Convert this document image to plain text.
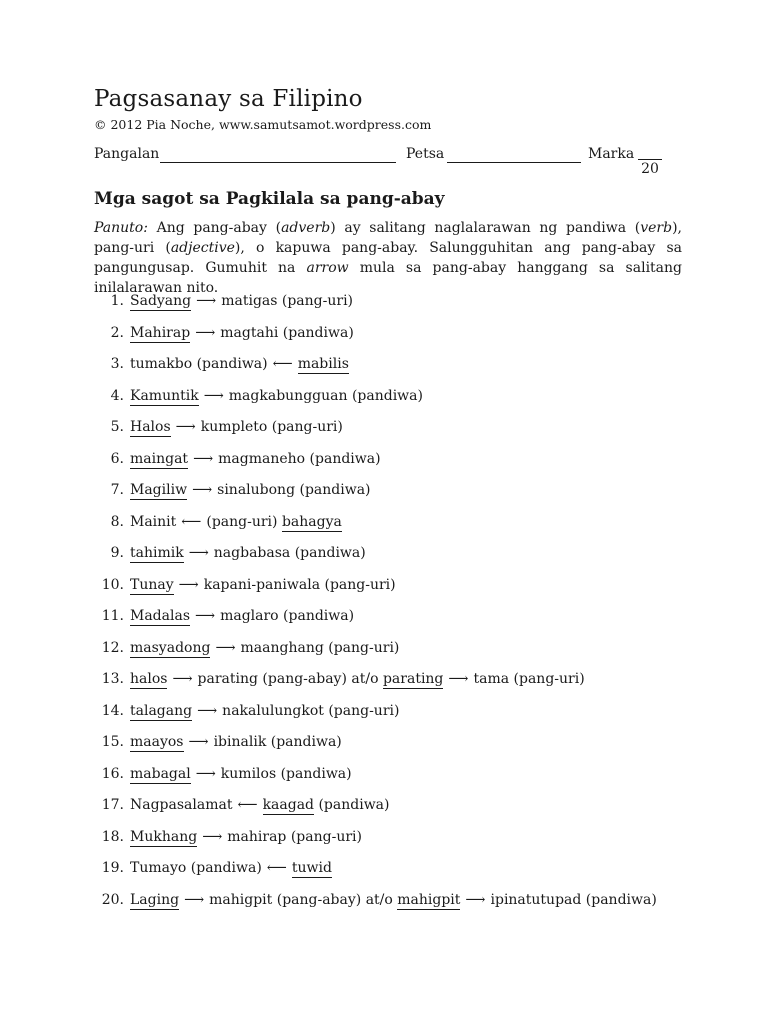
Pagsasanay sa Filipino
© 2012 Pia Noche, www.samutsamot.wordpress.com
Pangalan	Petsa	Marka
20
Mga sagot sa Pagkilala sa pang-abay
Panuto: Ang pang-abay (adverb) ay salitang naglalarawan ng pandiwa (verb), pang-uri (adjective), o kapuwa pang-abay. Salungguhitan ang pang-abay sa pangungusap. Gumuhit na arrow mula sa pang-abay hanggang sa salitang inilalarawan nito.
1. Sadyang ⟶ matigas (pang-uri)
2. Mahirap ⟶ magtahi (pandiwa)
3. tumakbo (pandiwa) ⟵ mabilis
4. Kamuntik ⟶ magkabungguan (pandiwa)
5. Halos ⟶ kumpleto (pang-uri)
6. maingat ⟶ magmaneho (pandiwa)
7. Magiliw ⟶ sinalubong (pandiwa)
8. Mainit ⟵ (pang-uri) bahagya
9. tahimik ⟶ nagbabasa (pandiwa)
10. Tunay ⟶ kapani-paniwala (pang-uri)
11. Madalas ⟶ maglaro (pandiwa)
12. masyadong ⟶ maanghang (pang-uri)
13. halos ⟶ parating (pang-abay) at/o parating ⟶ tama (pang-uri)
14. talagang ⟶ nakalulungkot (pang-uri)
15. maayos ⟶ ibinalik (pandiwa)
16. mabagal ⟶ kumilos (pandiwa)
17. Nagpasalamat ⟵ kaagad (pandiwa)
18. Mukhang ⟶ mahirap (pang-uri)
19. Tumayo (pandiwa) ⟵ tuwid
20. Laging ⟶ mahigpit (pang-abay) at/o mahigpit ⟶ ipinatutupad (pandiwa)
